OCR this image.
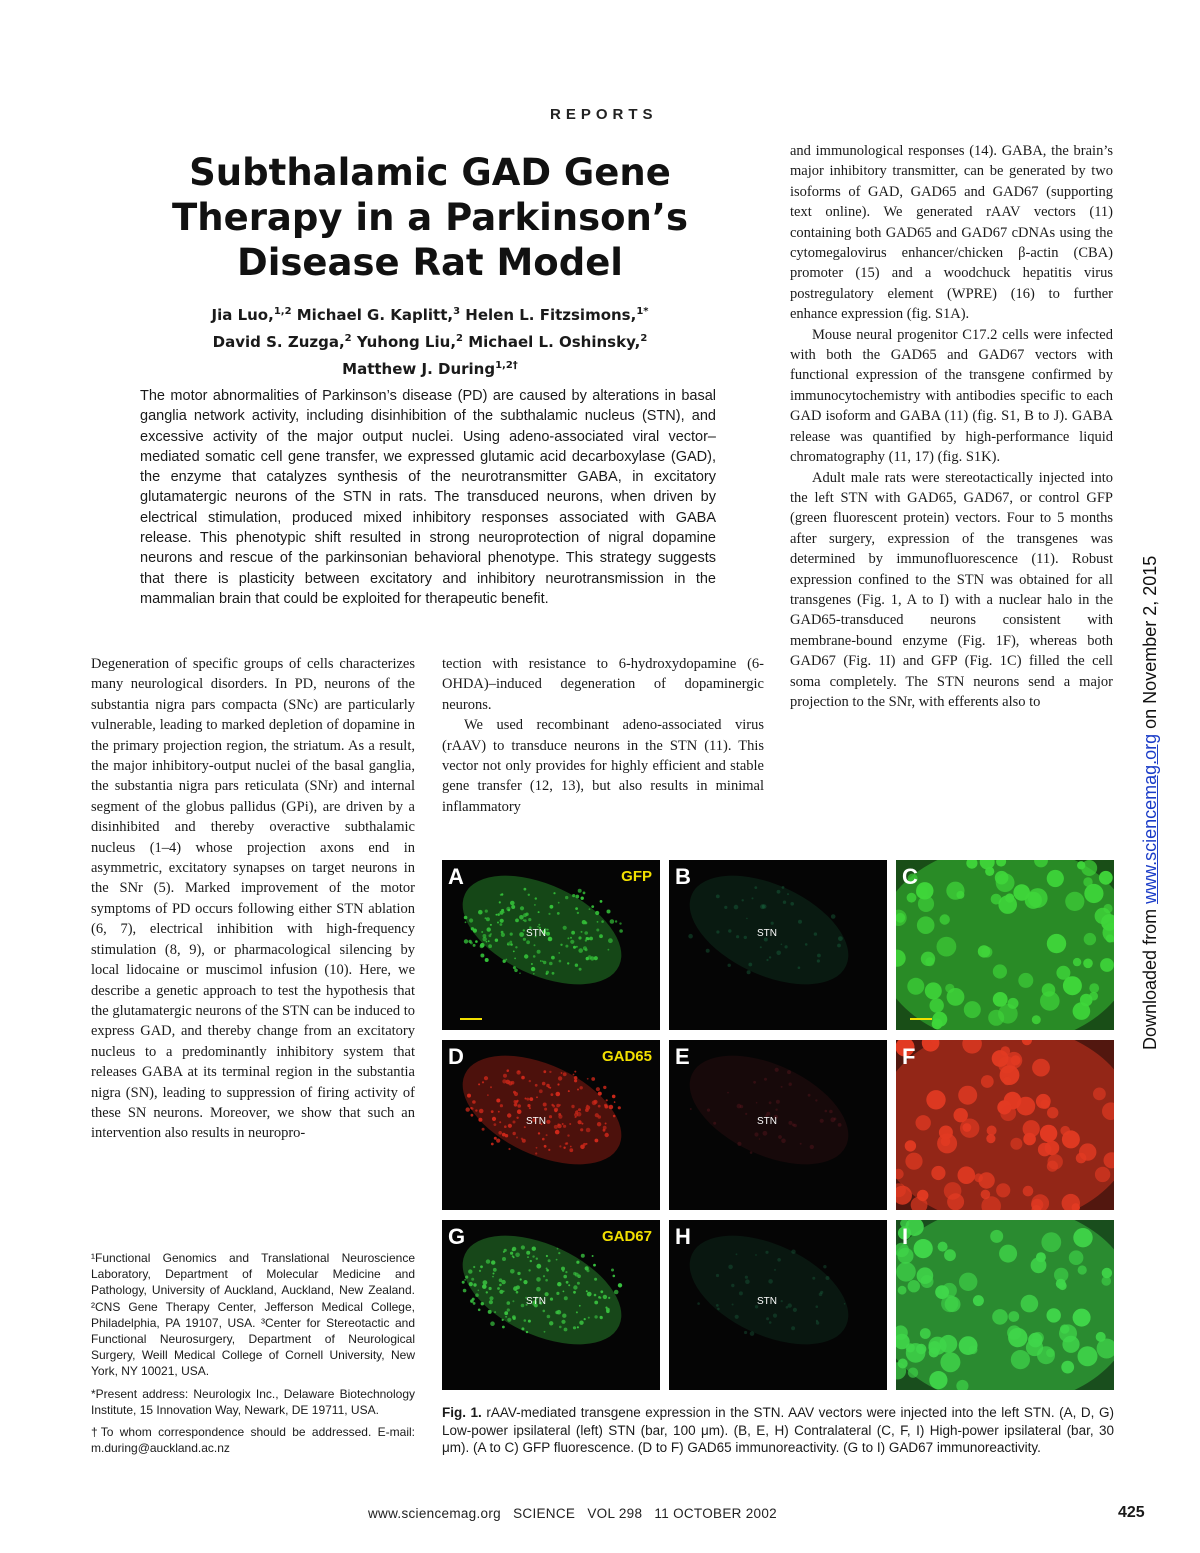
REPORTS
Subthalamic GAD Gene Therapy in a Parkinson’s Disease Rat Model
Jia Luo,$^{1,2}$ Michael G. Kaplitt,$^3$ Helen L. Fitzsimons,$^{1*}$
David S. Zuzga,$^2$ Yuhong Liu,$^2$ Michael L. Oshinsky,$^2$
Matthew J. During$^{1,2\dagger}$
The motor abnormalities of Parkinson’s disease (PD) are caused by alterations in basal ganglia network activity, including disinhibition of the subthalamic nucleus (STN), and excessive activity of the major output nuclei. Using adeno-associated viral vector–mediated somatic cell gene transfer, we expressed glutamic acid decarboxylase (GAD), the enzyme that catalyzes synthesis of the neurotransmitter GABA, in excitatory glutamatergic neurons of the STN in rats. The transduced neurons, when driven by electrical stimulation, produced mixed inhibitory responses associated with GABA release. This phenotypic shift resulted in strong neuroprotection of nigral dopamine neurons and rescue of the parkinsonian behavioral phenotype. This strategy suggests that there is plasticity between excitatory and inhibitory neurotransmission in the mammalian brain that could be exploited for therapeutic benefit.

Degeneration of specific groups of cells characterizes many neurological disorders. In PD, neurons of the substantia nigra pars compacta (SNc) are particularly vulnerable, leading to marked depletion of dopamine in the primary projection region, the striatum. As a result, the major inhibitory-output nuclei of the basal ganglia, the substantia nigra pars reticulata (SNr) and internal segment of the globus pallidus (GPi), are driven by a disinhibited and thereby overactive subthalamic nucleus (1–4) whose projection axons end in asymmetric, excitatory synapses on target neurons in the SNr (5). Marked improvement of the motor symptoms of PD occurs following either STN ablation (6, 7), electrical inhibition with high-frequency stimulation (8, 9), or pharmacological silencing by local lidocaine or muscimol infusion (10). Here, we describe a genetic approach to test the hypothesis that the glutamatergic neurons of the STN can be induced to express GAD, and thereby change from an excitatory nucleus to a predominantly inhibitory system that releases GABA at its terminal region in the substantia nigra (SN), leading to suppression of firing activity of these SN neurons. Moreover, we show that such an intervention also results in neuropro-

tection with resistance to 6-hydroxydopamine (6-OHDA)–induced degeneration of dopaminergic neurons.

We used recombinant adeno-associated virus (rAAV) to transduce neurons in the STN (11). This vector not only provides for highly efficient and stable gene transfer (12, 13), but also results in minimal inflammatory

and immunological responses (14). GABA, the brain’s major inhibitory transmitter, can be generated by two isoforms of GAD, GAD65 and GAD67 (supporting text online). We generated rAAV vectors (11) containing both GAD65 and GAD67 cDNAs using the cytomegalovirus enhancer/chicken β-actin (CBA) promoter (15) and a woodchuck hepatitis virus postregulatory element (WPRE) (16) to further enhance expression (fig. S1A).

Mouse neural progenitor C17.2 cells were infected with both the GAD65 and GAD67 vectors with functional expression of the transgene confirmed by immunocytochemistry with antibodies specific to each GAD isoform and GABA (11) (fig. S1, B to J). GABA release was quantified by high-performance liquid chromatography (11, 17) (fig. S1K).

Adult male rats were stereotactically injected into the left STN with GAD65, GAD67, or control GFP (green fluorescent protein) vectors. Four to 5 months after surgery, expression of the transgenes was determined by immunofluorescence (11). Robust expression confined to the STN was obtained for all transgenes (Fig. 1, A to I) with a nuclear halo in the GAD65-transduced neurons consistent with membrane-bound enzyme (Fig. 1F), whereas both GAD67 (Fig. 1I) and GFP (Fig. 1C) filled the cell soma completely. The STN neurons send a major projection to the SNr, with efferents also to

¹Functional Genomics and Translational Neuroscience Laboratory, Department of Molecular Medicine and Pathology, University of Auckland, Auckland, New Zealand. ²CNS Gene Therapy Center, Jefferson Medical College, Philadelphia, PA 19107, USA. ³Center for Stereotactic and Functional Neurosurgery, Department of Neurological Surgery, Weill Medical College of Cornell University, New York, NY 10021, USA.

*Present address: Neurologix Inc., Delaware Biotechnology Institute, 15 Innovation Way, Newark, DE 19711, USA.

†To whom correspondence should be addressed. E-mail: m.during@auckland.ac.nz

A	GFP
STN
B
STN
C
D	GAD65
STN
E
STN
F
G	GAD67
STN
H
STN
I
Fig. 1. rAAV-mediated transgene expression in the STN. AAV vectors were injected into the left STN. (A, D, G) Low-power ipsilateral (left) STN (bar, 100 μm). (B, E, H) Contralateral (C, F, I) High-power ipsilateral (bar, 30 μm). (A to C) GFP fluorescence. (D to F) GAD65 immunoreactivity. (G to I) GAD67 immunoreactivity.
www.sciencemag.org   SCIENCE   VOL 298   11 OCTOBER 2002	425
Downloaded from www.sciencemag.org on November 2, 2015
